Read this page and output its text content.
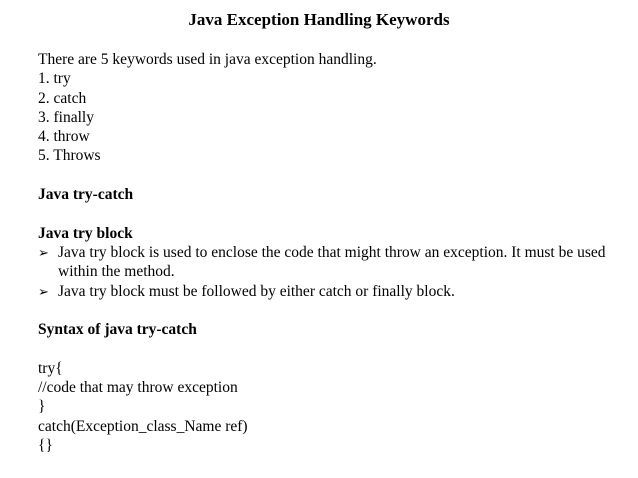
Java Exception Handling Keywords
There are 5 keywords used in java exception handling.
1. try
2. catch
3. finally
4. throw
5. Throws
Java try-catch
Java try block
➢ Java try block is used to enclose the code that might throw an exception. It must be used within the method.
➢ Java try block must be followed by either catch or finally block.
Syntax of java try-catch
try{
//code that may throw exception
}
catch(Exception_class_Name ref)
{}
